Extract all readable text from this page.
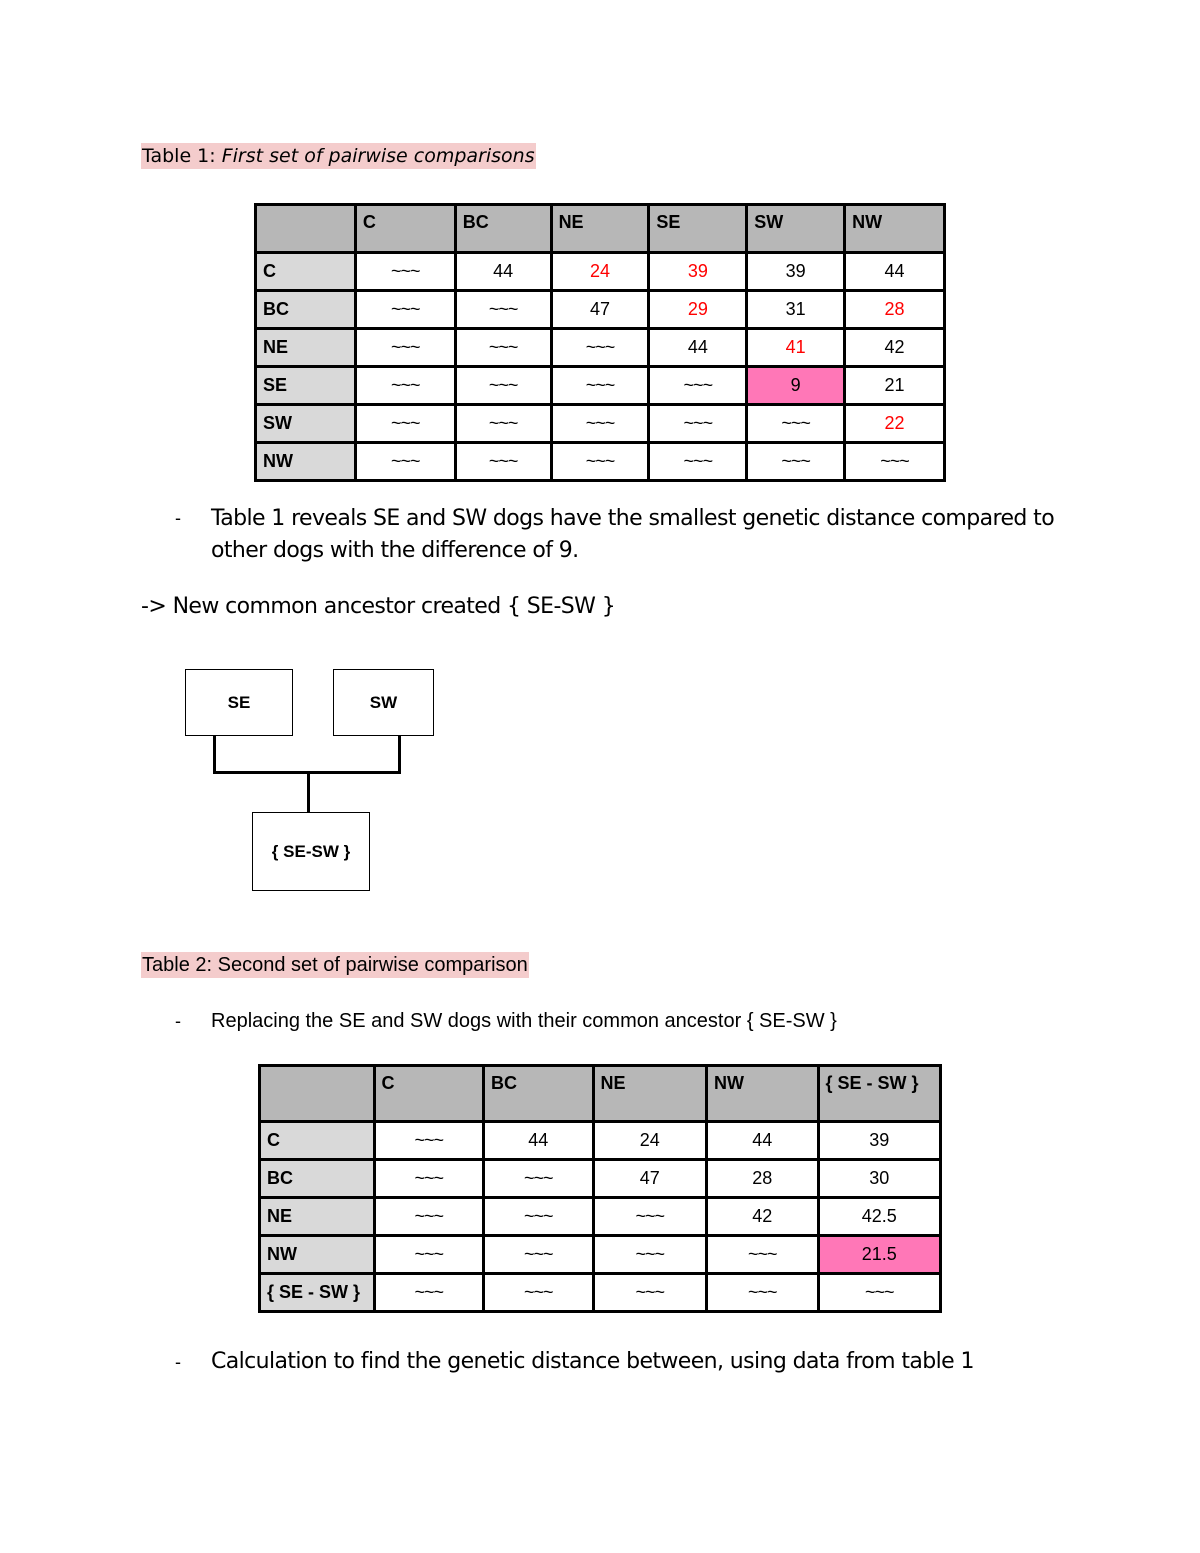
Table 1: First set of pairwise comparisons
	C	BC	NE	SE	SW	NW
C	~~~	44	24	39	39	44
BC	~~~	~~~	47	29	31	28
NE	~~~	~~~	~~~	44	41	42
SE	~~~	~~~	~~~	~~~	9	21
SW	~~~	~~~	~~~	~~~	~~~	22
NW	~~~	~~~	~~~	~~~	~~~	~~~
- Table 1 reveals SE and SW dogs have the smallest genetic distance compared to
other dogs with the difference of 9.
-> New common ancestor created { SE-SW }
SE	SW
{ SE-SW }
Table 2: Second set of pairwise comparison
- Replacing the SE and SW dogs with their common ancestor { SE-SW }
	C	BC	NE	NW	{ SE - SW }
C	~~~	44	24	44	39
BC	~~~	~~~	47	28	30
NE	~~~	~~~	~~~	42	42.5
NW	~~~	~~~	~~~	~~~	21.5
{ SE - SW }	~~~	~~~	~~~	~~~	~~~
- Calculation to find the genetic distance between, using data from table 1
